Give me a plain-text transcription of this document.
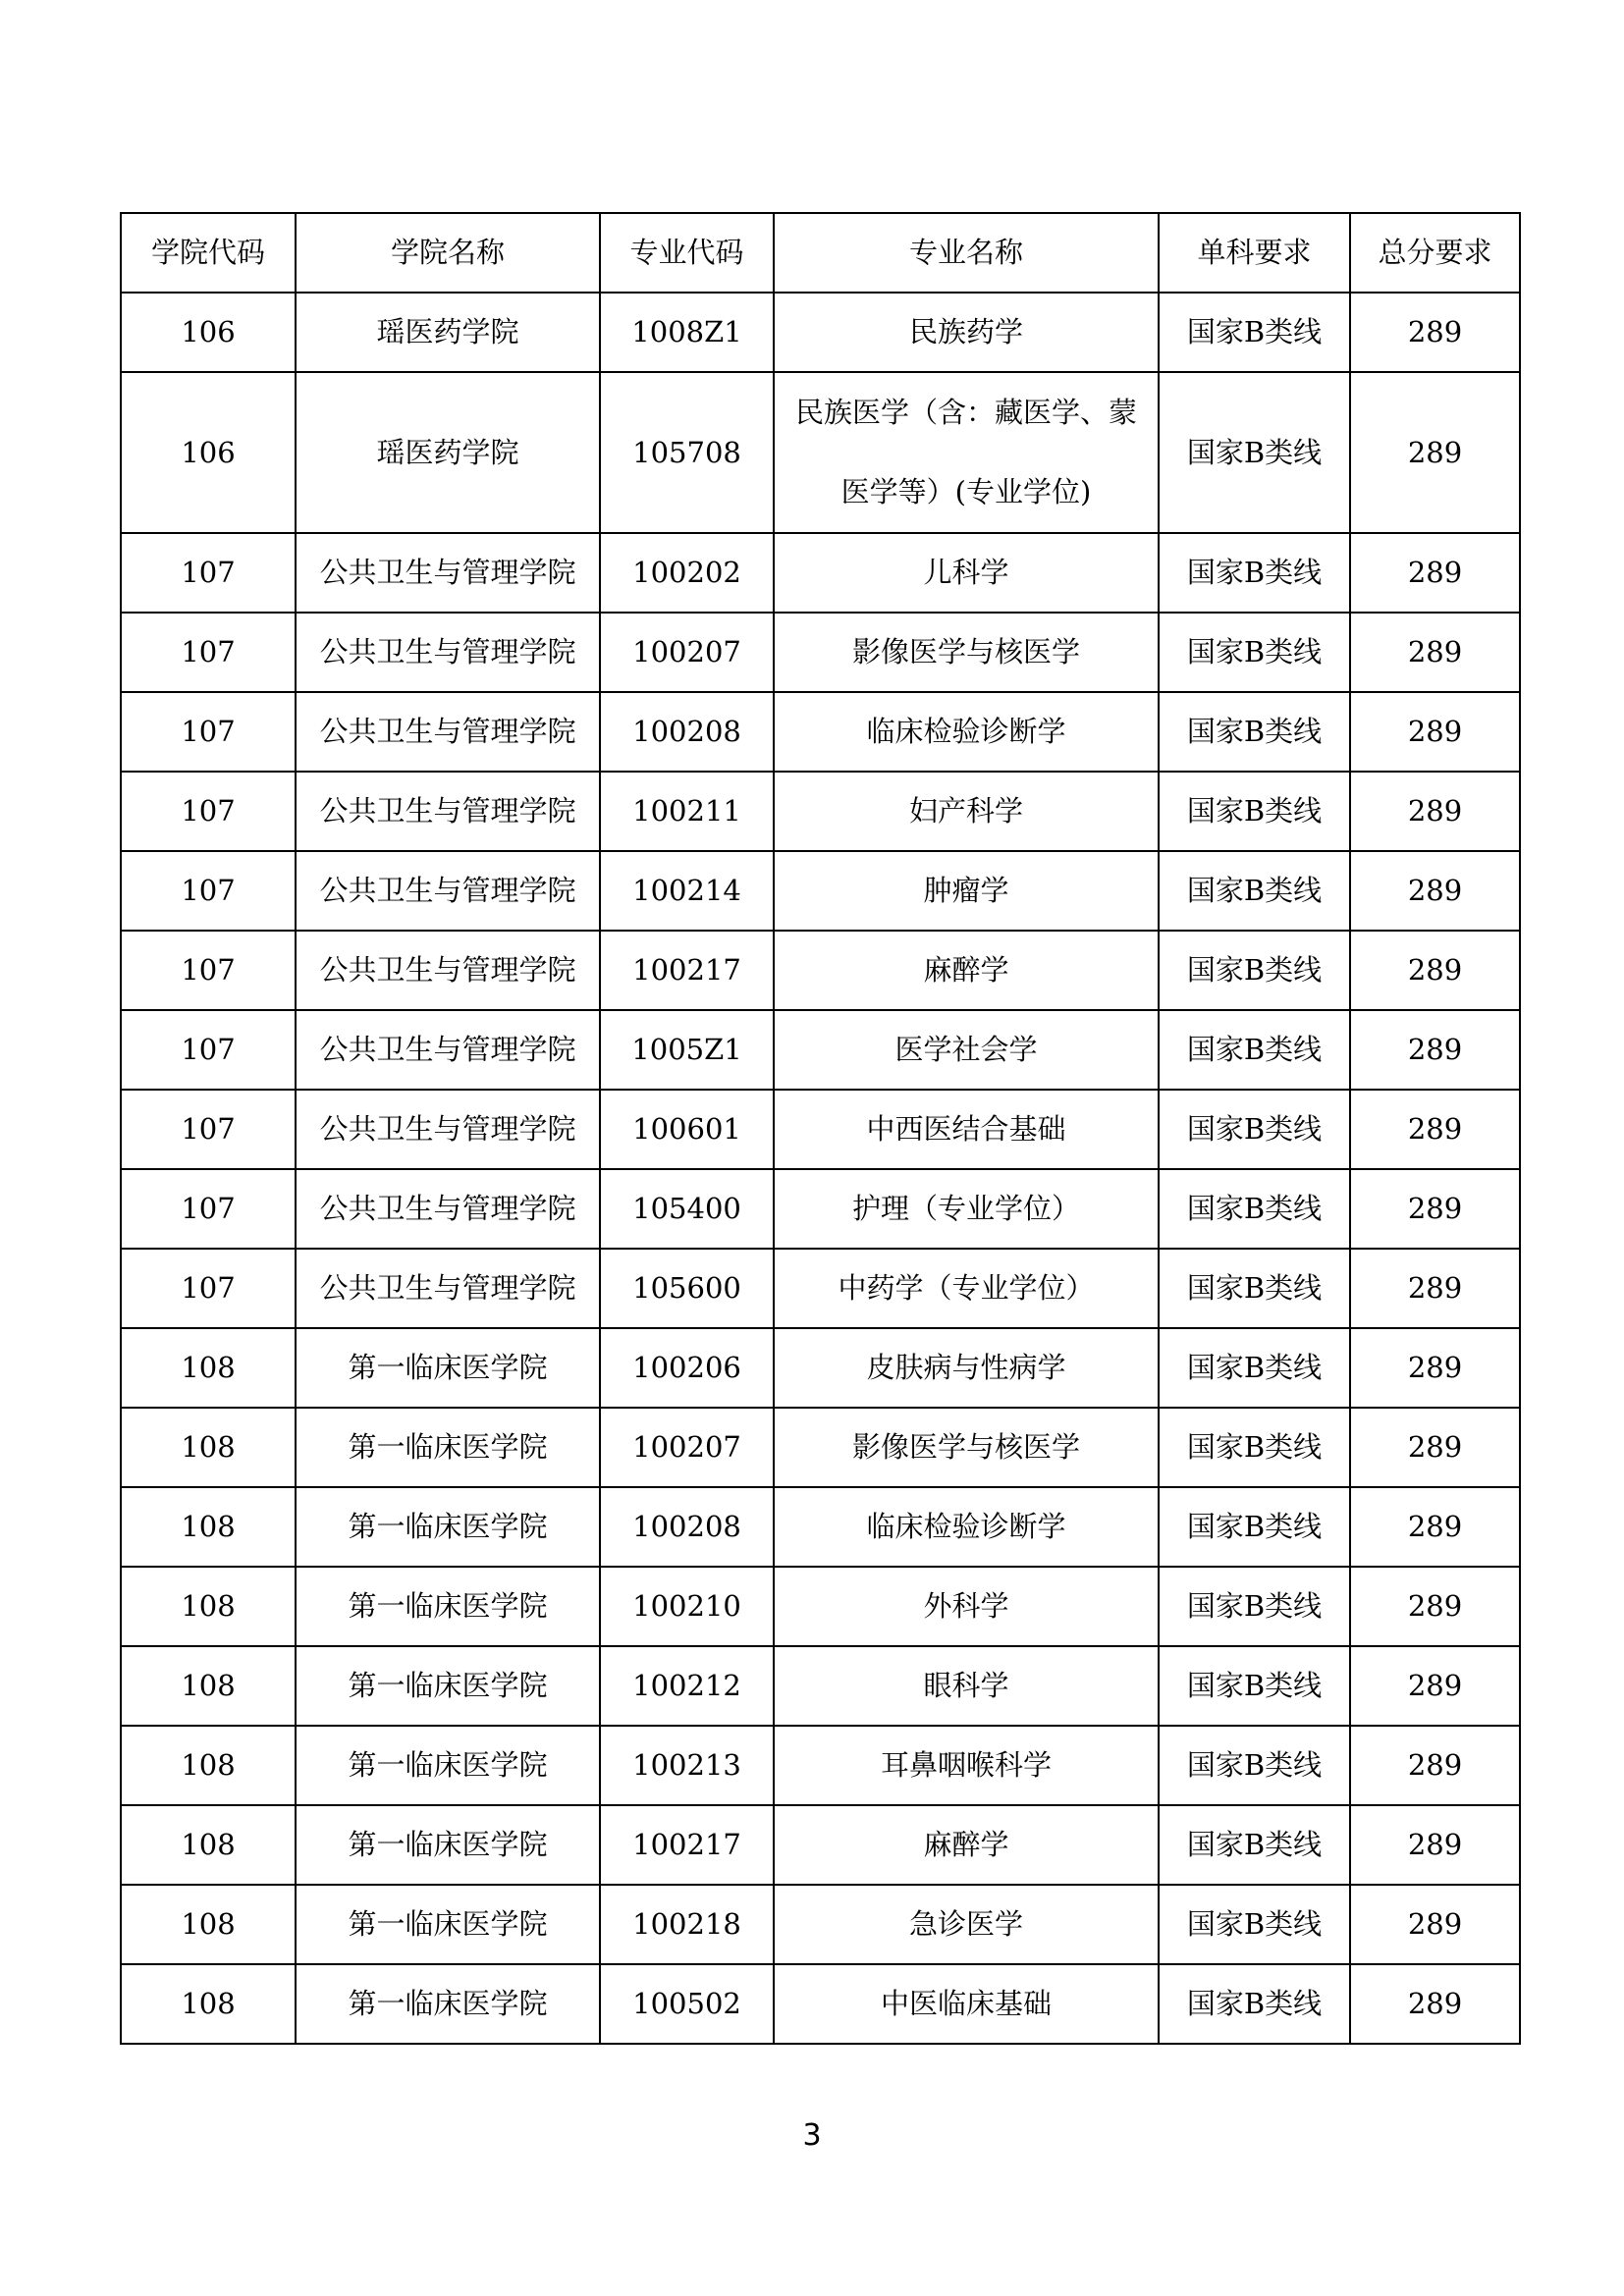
学院代码	学院名称	专业代码	专业名称	单科要求	总分要求
106	瑶医药学院	1008Z1	民族药学	国家B类线	289
106	瑶医药学院	105708	民族医学（含：藏医学、蒙医学等）(专业学位)	国家B类线	289
107	公共卫生与管理学院	100202	儿科学	国家B类线	289
107	公共卫生与管理学院	100207	影像医学与核医学	国家B类线	289
107	公共卫生与管理学院	100208	临床检验诊断学	国家B类线	289
107	公共卫生与管理学院	100211	妇产科学	国家B类线	289
107	公共卫生与管理学院	100214	肿瘤学	国家B类线	289
107	公共卫生与管理学院	100217	麻醉学	国家B类线	289
107	公共卫生与管理学院	1005Z1	医学社会学	国家B类线	289
107	公共卫生与管理学院	100601	中西医结合基础	国家B类线	289
107	公共卫生与管理学院	105400	护理（专业学位）	国家B类线	289
107	公共卫生与管理学院	105600	中药学（专业学位）	国家B类线	289
108	第一临床医学院	100206	皮肤病与性病学	国家B类线	289
108	第一临床医学院	100207	影像医学与核医学	国家B类线	289
108	第一临床医学院	100208	临床检验诊断学	国家B类线	289
108	第一临床医学院	100210	外科学	国家B类线	289
108	第一临床医学院	100212	眼科学	国家B类线	289
108	第一临床医学院	100213	耳鼻咽喉科学	国家B类线	289
108	第一临床医学院	100217	麻醉学	国家B类线	289
108	第一临床医学院	100218	急诊医学	国家B类线	289
108	第一临床医学院	100502	中医临床基础	国家B类线	289
3
